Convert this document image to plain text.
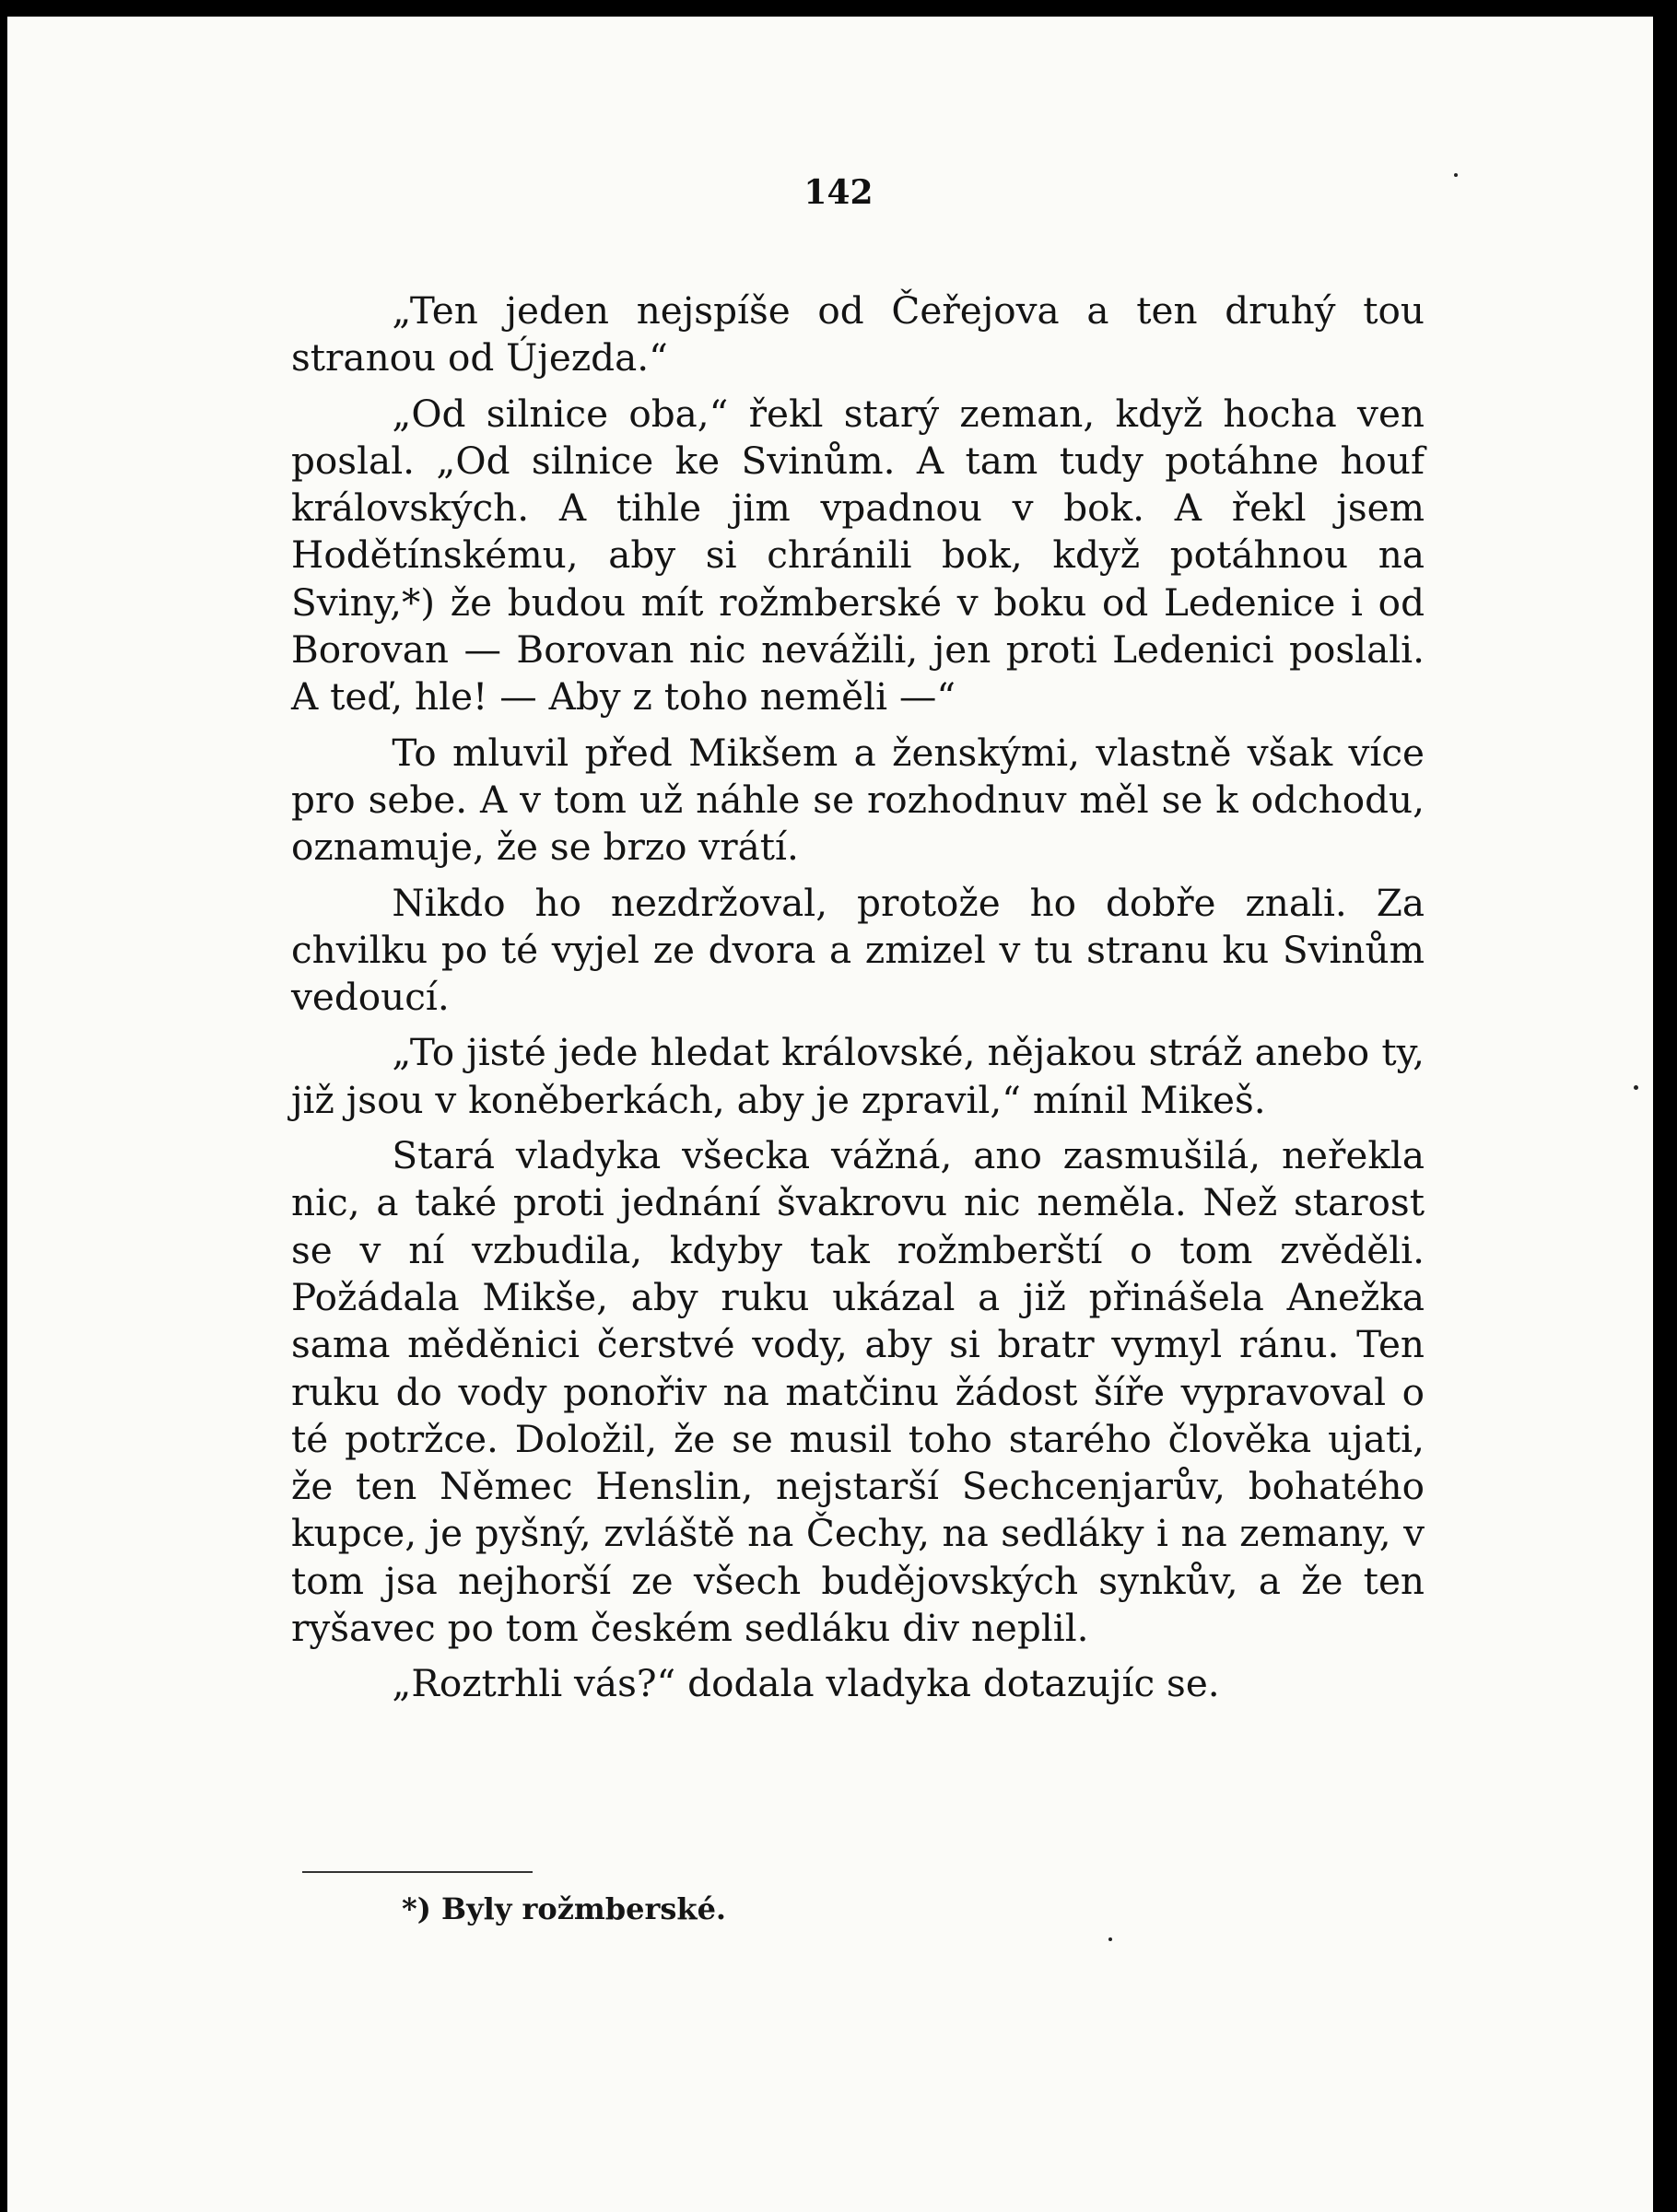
142

„Ten jeden nejspíše od Čeřejova a ten druhý tou stranou od Újezda.“

„Od silnice oba,“ řekl starý zeman, když hocha ven poslal. „Od silnice ke Svinům. A tam tudy potáhne houf královských. A tihle jim vpadnou v bok. A řekl jsem Hodětínskému, aby si chránili bok, když potáhnou na Sviny,*) že budou mít rožmberské v boku od Ledenice i od Borovan — Borovan nic nevážili, jen proti Ledenici poslali. A teď, hle! — Aby z toho neměli —“

To mluvil před Mikšem a ženskými, vlastně však více pro sebe. A v tom už náhle se rozhodnuv měl se k odchodu, oznamuje, že se brzo vrátí.

Nikdo ho nezdržoval, protože ho dobře znali. Za chvilku po té vyjel ze dvora a zmizel v tu stranu ku Svinům vedoucí.

„To jisté jede hledat královské, nějakou stráž anebo ty, již jsou v koněberkách, aby je zpravil,“ mínil Mikeš.

Stará vladyka všecka vážná, ano zasmušilá, neřekla nic, a také proti jednání švakrovu nic neměla. Než starost se v ní vzbudila, kdyby tak rožmberští o tom zvěděli. Požádala Mikše, aby ruku ukázal a již přinášela Anežka sama měděnici čerstvé vody, aby si bratr vymyl ránu. Ten ruku do vody ponořiv na matčinu žádost šíře vypravoval o té potržce. Doložil, že se musil toho starého člověka ujati, že ten Němec Henslin, nejstarší Sechcenjarův, bohatého kupce, je pyšný, zvláště na Čechy, na sedláky i na zemany, v tom jsa nejhorší ze všech budějovských synkův, a že ten ryšavec po tom českém sedláku div neplil.

„Roztrhli vás?“ dodala vladyka dotazujíc se.

*) Byly rožmberské.
